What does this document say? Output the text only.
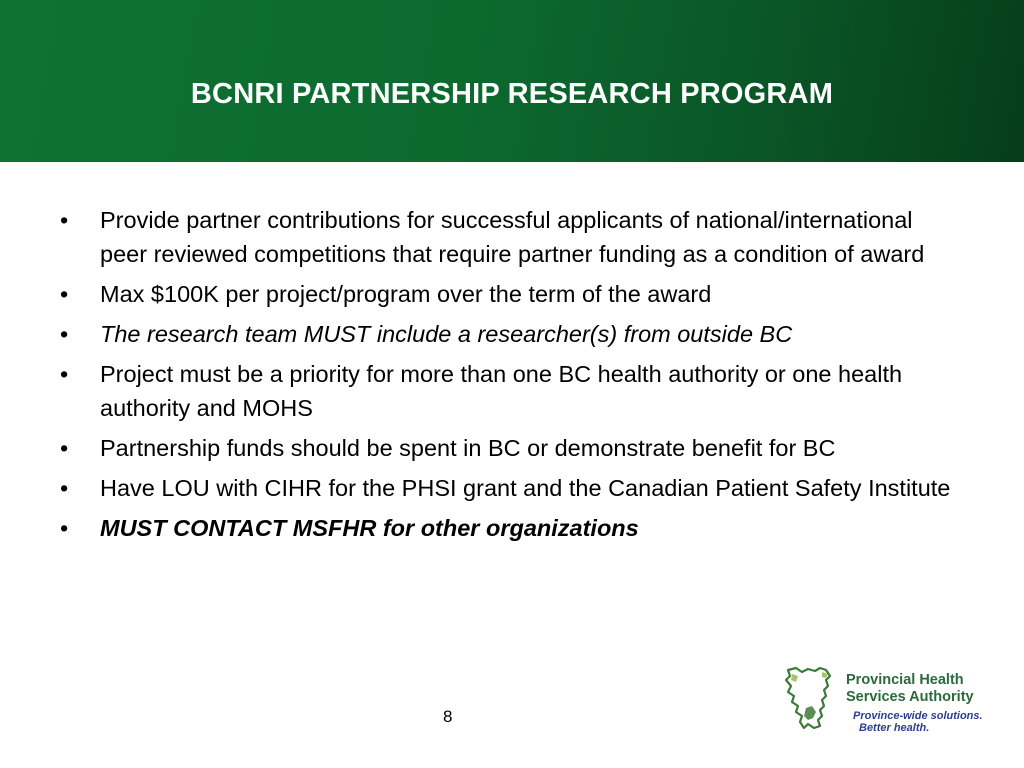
BCNRI PARTNERSHIP RESEARCH PROGRAM
• Provide partner contributions for successful applicants of national/international peer reviewed competitions that require partner funding as a condition of award
• Max $100K per project/program over the term of the award
• The research team MUST include a researcher(s) from outside BC
• Project must be a priority for more than one BC health authority or one health authority and MOHS
• Partnership funds should be spent in BC or demonstrate benefit for BC
• Have LOU with CIHR for the PHSI grant and the Canadian Patient Safety Institute
• MUST CONTACT MSFHR for other organizations
8
Provincial Health
Services Authority
Province-wide solutions.
Better health.
